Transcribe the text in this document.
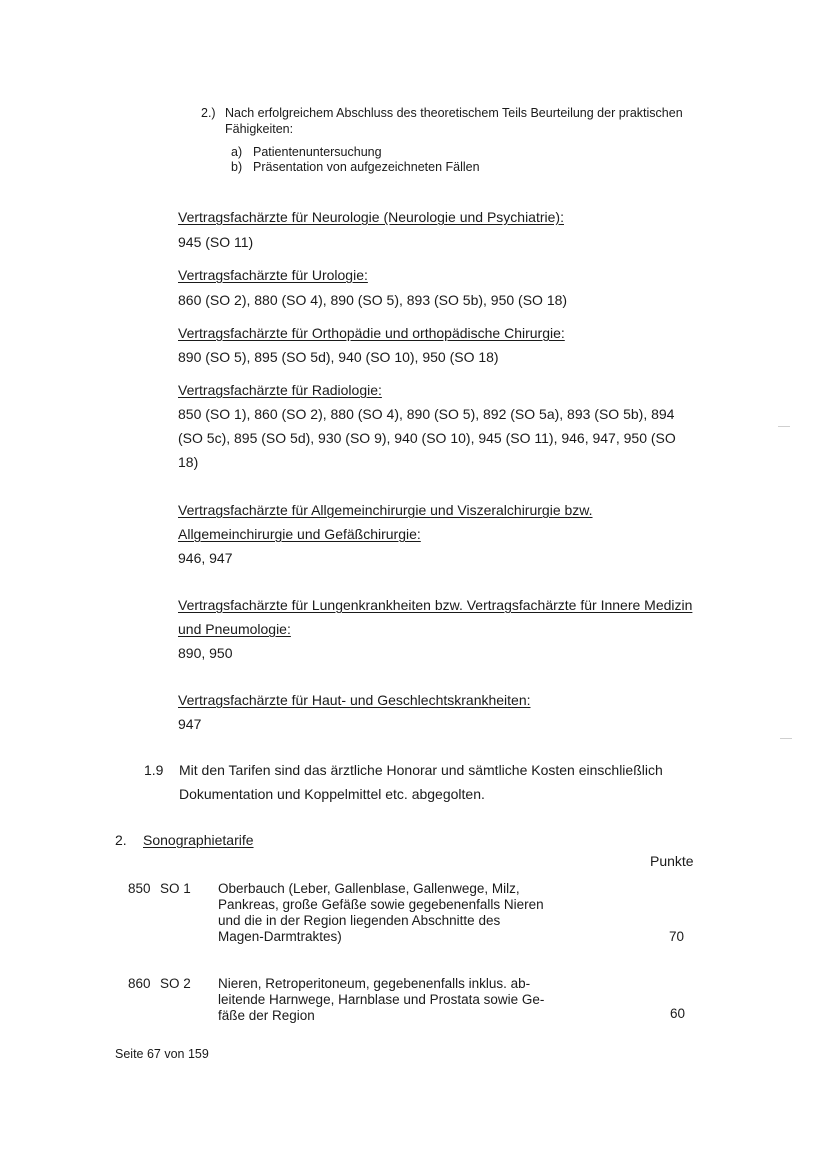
2.) Nach erfolgreichem Abschluss des theoretischem Teils Beurteilung der praktischen
Fähigkeiten:
a) Patientenuntersuchung
b) Präsentation von aufgezeichneten Fällen
Vertragsfachärzte für Neurologie (Neurologie und Psychiatrie):
945 (SO 11)
Vertragsfachärzte für Urologie:
860 (SO 2), 880 (SO 4), 890 (SO 5), 893 (SO 5b), 950 (SO 18)
Vertragsfachärzte für Orthopädie und orthopädische Chirurgie:
890 (SO 5), 895 (SO 5d), 940 (SO 10), 950 (SO 18)
Vertragsfachärzte für Radiologie:
850 (SO 1), 860 (SO 2), 880 (SO 4), 890 (SO 5), 892 (SO 5a), 893 (SO 5b), 894
(SO 5c), 895 (SO 5d), 930 (SO 9), 940 (SO 10), 945 (SO 11), 946, 947, 950 (SO
18)
Vertragsfachärzte für Allgemeinchirurgie und Viszeralchirurgie bzw.
Allgemeinchirurgie und Gefäßchirurgie:
946, 947
Vertragsfachärzte für Lungenkrankheiten bzw. Vertragsfachärzte für Innere Medizin
und Pneumologie:
890, 950
Vertragsfachärzte für Haut- und Geschlechtskrankheiten:
947
1.9 Mit den Tarifen sind das ärztliche Honorar und sämtliche Kosten einschließlich
Dokumentation und Koppelmittel etc. abgegolten.
2. Sonographietarife
Punkte
850 SO 1 Oberbauch (Leber, Gallenblase, Gallenwege, Milz,
Pankreas, große Gefäße sowie gegebenenfalls Nieren
und die in der Region liegenden Abschnitte des
Magen-Darmtraktes)	70
860 SO 2 Nieren, Retroperitoneum, gegebenenfalls inklus. ab-
leitende Harnwege, Harnblase und Prostata sowie Ge-
fäße der Region	60
Seite 67 von 159
